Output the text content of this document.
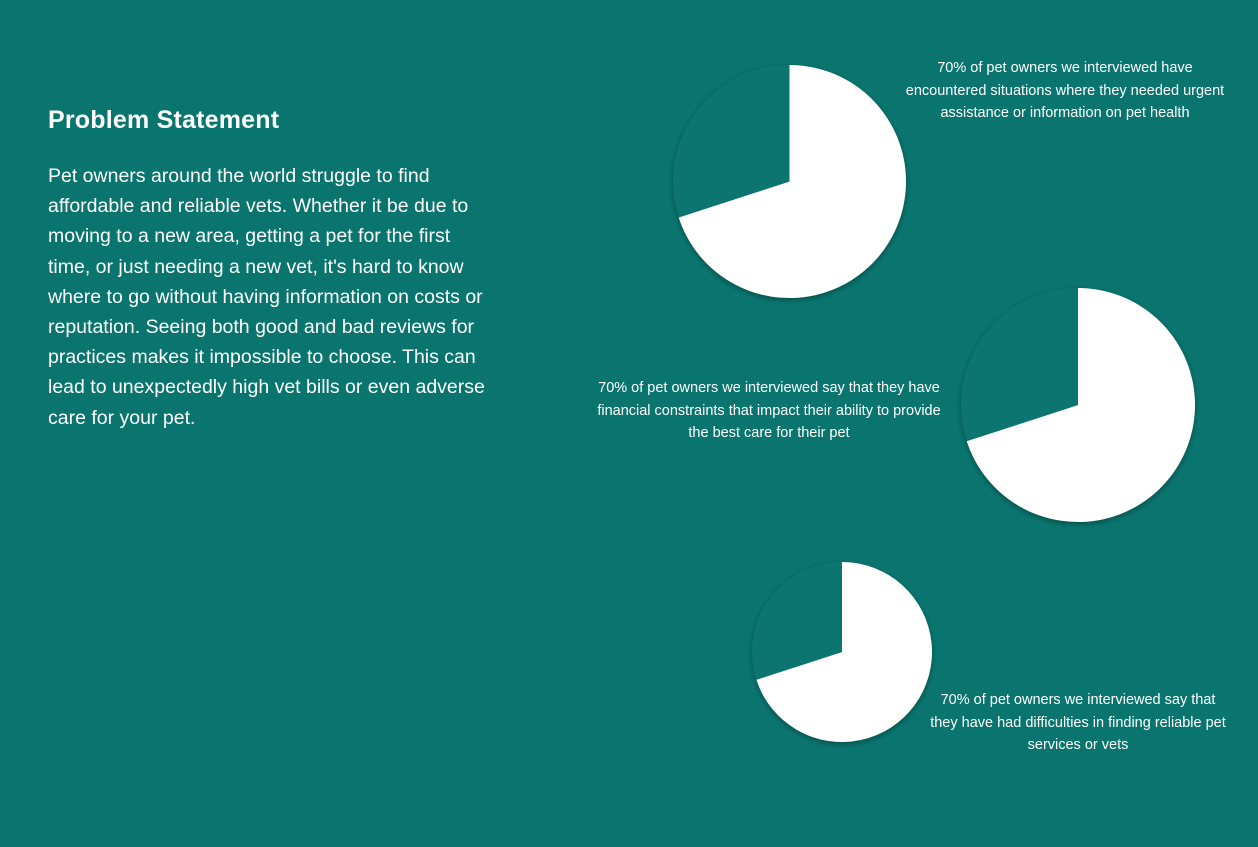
Problem Statement

Pet owners around the world struggle to find affordable and reliable vets. Whether it be due to moving to a new area, getting a pet for the first time, or just needing a new vet, it's hard to know where to go without having information on costs or reputation. Seeing both good and bad reviews for practices makes it impossible to choose. This can lead to unexpectedly high vet bills or even adverse care for your pet.

70% of pet owners we interviewed have encountered situations where they needed urgent assistance or information on pet health

70% of pet owners we interviewed say that they have financial constraints that impact their ability to provide the best care for their pet

70% of pet owners we interviewed say that they have had difficulties in finding reliable pet services or vets
